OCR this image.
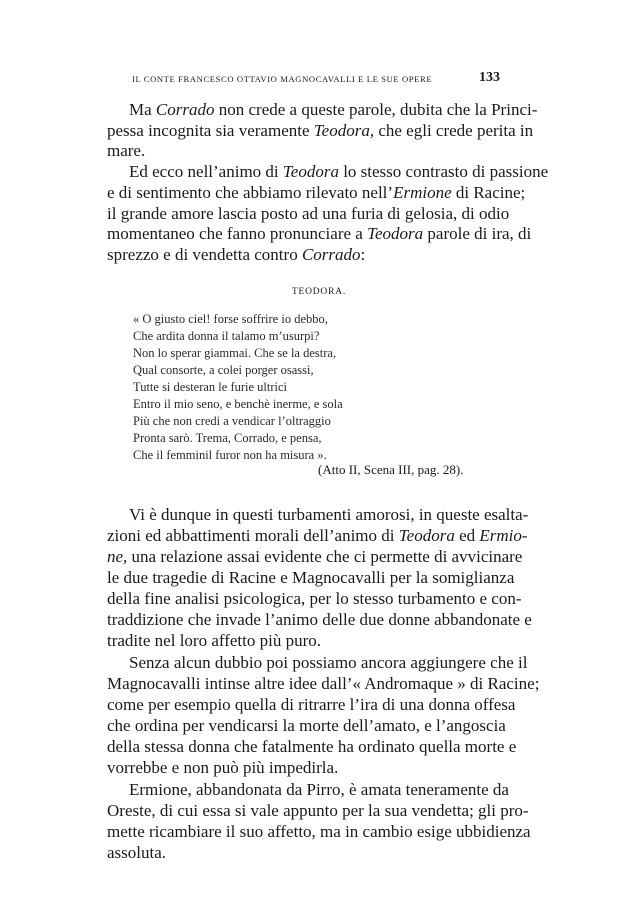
IL CONTE FRANCESCO OTTAVIO MAGNOCAVALLI E LE SUE OPERE	133
Ma Corrado non crede a queste parole, dubita che la Princi-
pessa incognita sia veramente Teodora, che egli crede perita in
mare.
Ed ecco nell’animo di Teodora lo stesso contrasto di passione
e di sentimento che abbiamo rilevato nell’Ermione di Racine;
il grande amore lascia posto ad una furia di gelosia, di odio
momentaneo che fanno pronunciare a Teodora parole di ira, di
sprezzo e di vendetta contro Corrado:
TEODORA.
« O giusto ciel! forse soffrire io debbo,
Che ardita donna il talamo m’usurpi?
Non lo sperar giammai. Che se la destra,
Qual consorte, a colei porger osassi,
Tutte si desteran le furie ultrici
Entro il mio seno, e benchè inerme, e sola
Più che non credi a vendicar l’oltraggio
Pronta sarò. Trema, Corrado, e pensa,
Che il femminil furor non ha misura ».
(Atto II, Scena III, pag. 28).
Vi è dunque in questi turbamenti amorosi, in queste esalta-
zioni ed abbattimenti morali dell’animo di Teodora ed Ermio-
ne, una relazione assai evidente che ci permette di avvicinare
le due tragedie di Racine e Magnocavalli per la somiglianza
della fine analisi psicologica, per lo stesso turbamento e con-
traddizione che invade l’animo delle due donne abbandonate e
tradite nel loro affetto più puro.
Senza alcun dubbio poi possiamo ancora aggiungere che il
Magnocavalli intinse altre idee dall’« Andromaque » di Racine;
come per esempio quella di ritrarre l’ira di una donna offesa
che ordina per vendicarsi la morte dell’amato, e l’angoscia
della stessa donna che fatalmente ha ordinato quella morte e
vorrebbe e non può più impedirla.
Ermione, abbandonata da Pirro, è amata teneramente da
Oreste, di cui essa si vale appunto per la sua vendetta; gli pro-
mette ricambiare il suo affetto, ma in cambio esige ubbidienza
assoluta.
